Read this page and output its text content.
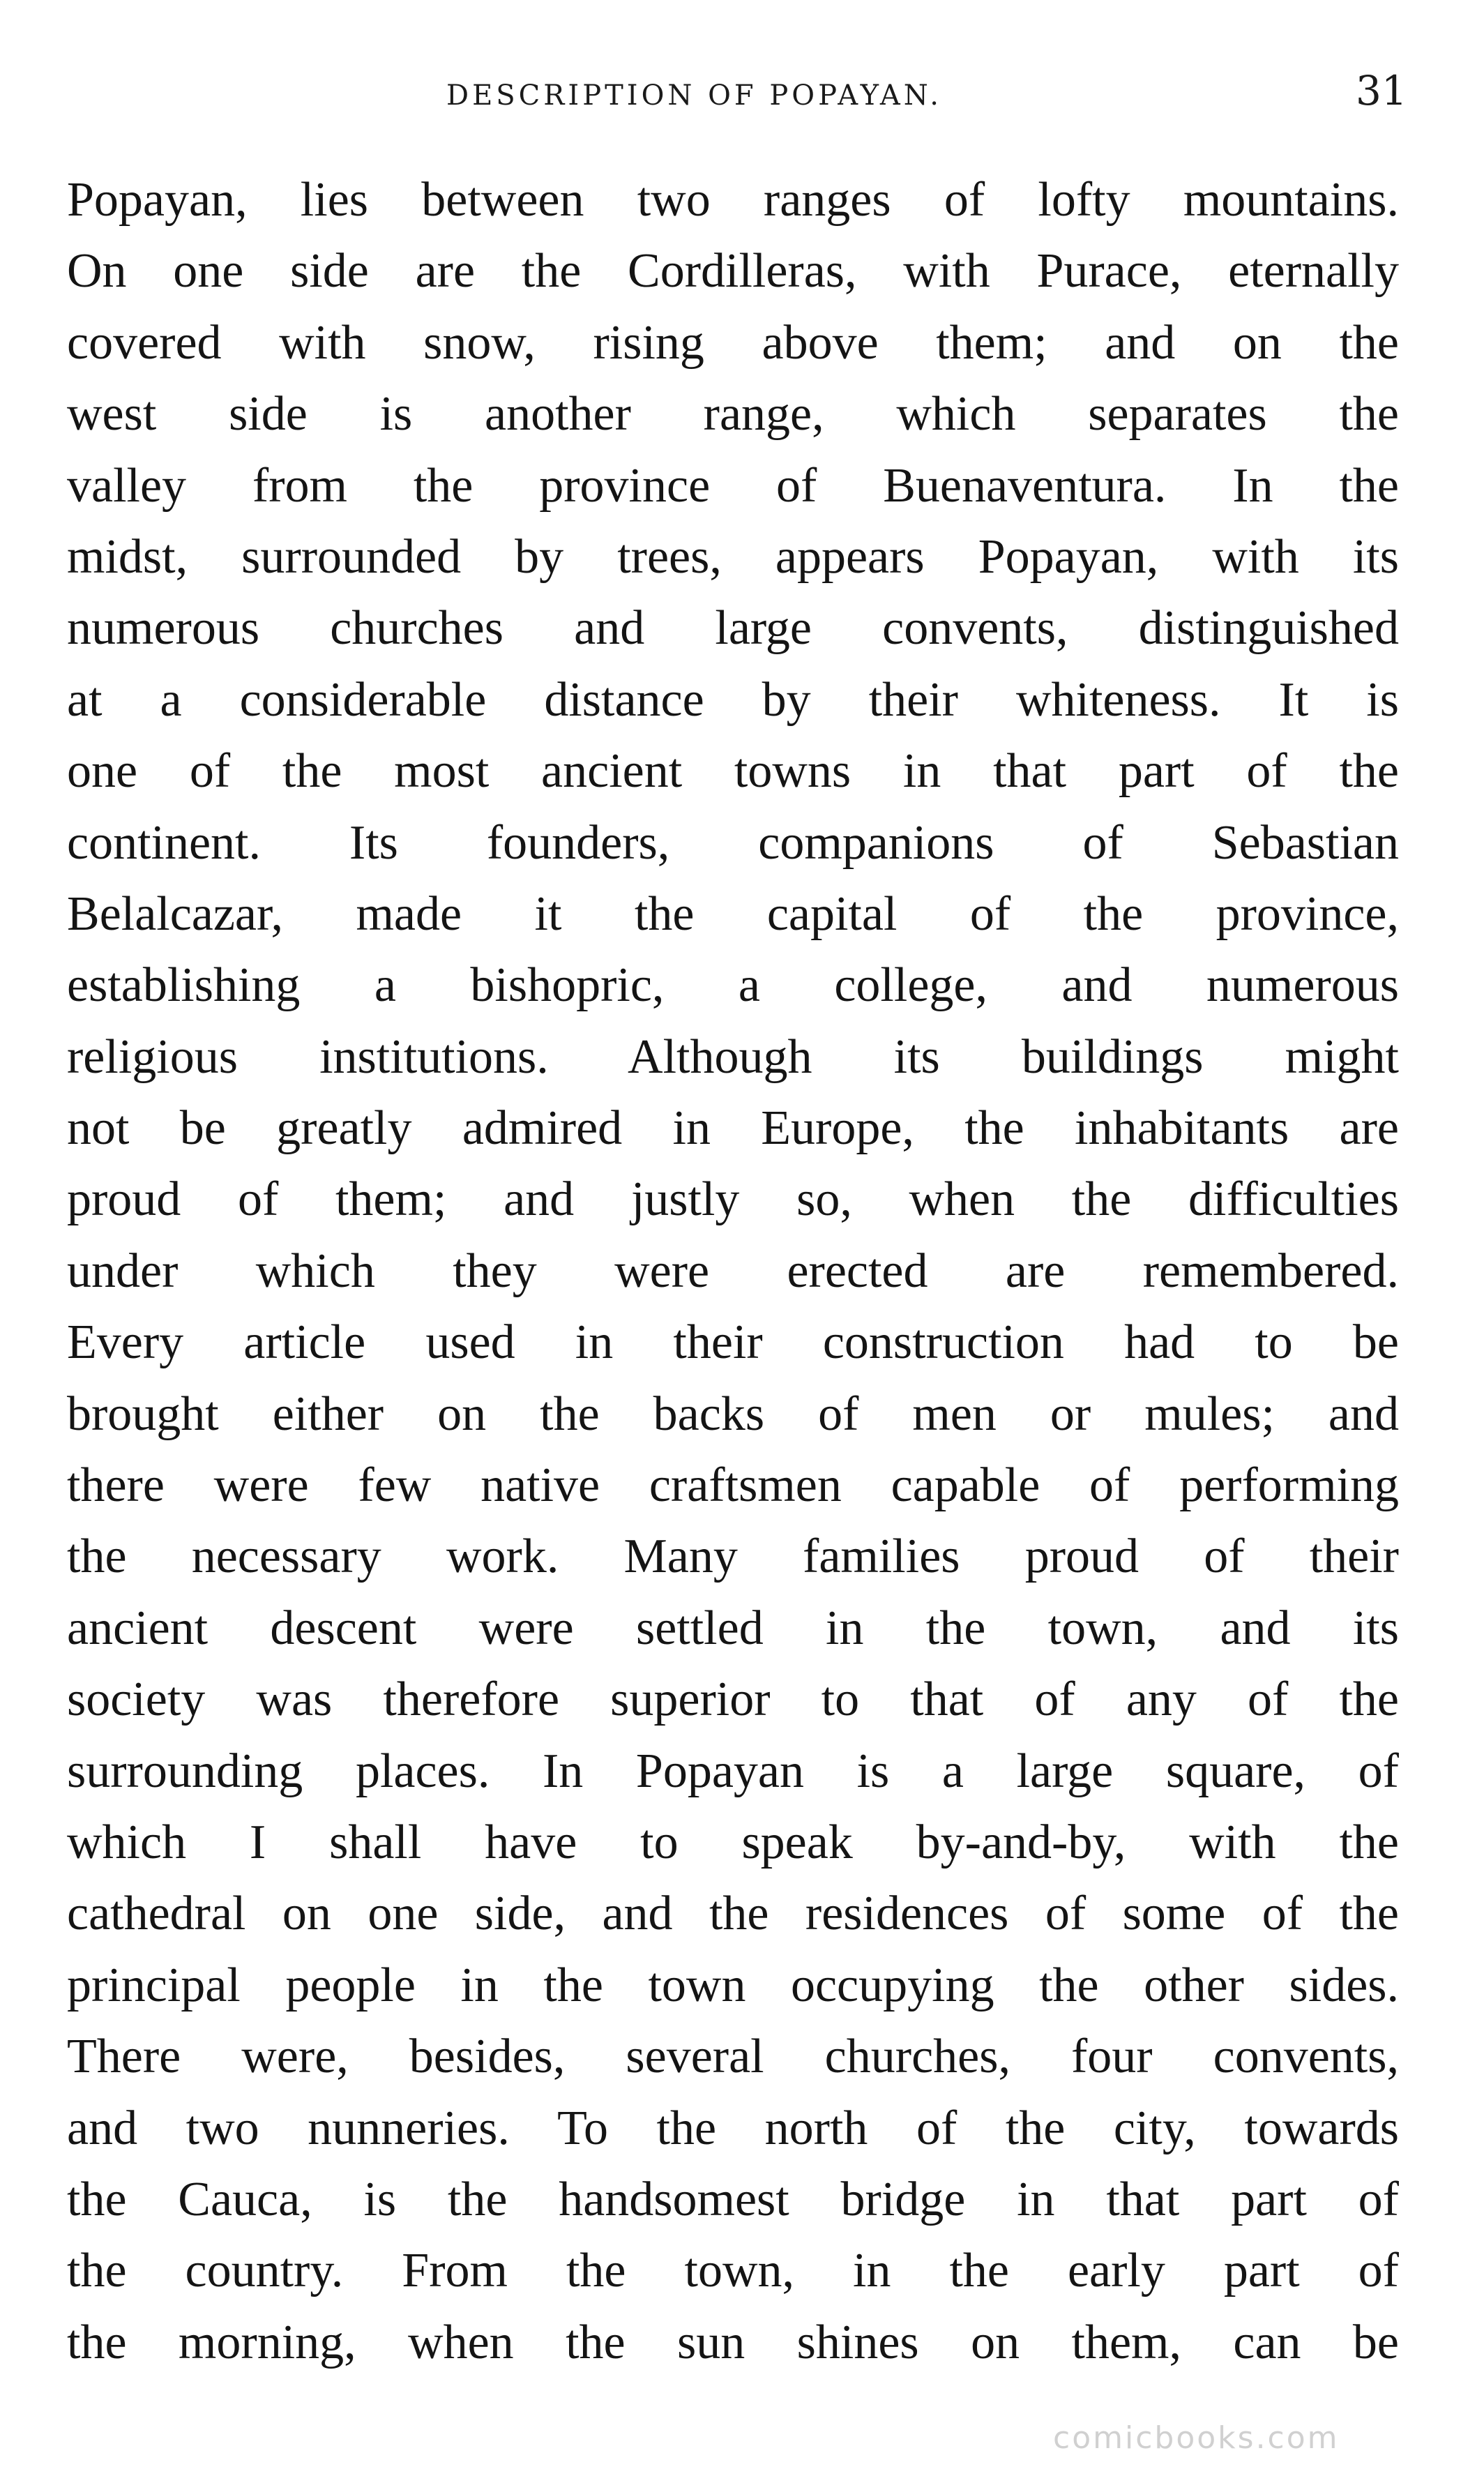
DESCRIPTION OF POPAYAN.	31
Popayan, lies between two ranges of lofty mountains.
On one side are the Cordilleras, with Purace, eternally
covered with snow, rising above them; and on the
west side is another range, which separates the
valley from the province of Buenaventura. In the
midst, surrounded by trees, appears Popayan, with its
numerous churches and large convents, distinguished
at a considerable distance by their whiteness. It is
one of the most ancient towns in that part of the
continent. Its founders, companions of Sebastian
Belalcazar, made it the capital of the province,
establishing a bishopric, a college, and numerous
religious institutions. Although its buildings might
not be greatly admired in Europe, the inhabitants are
proud of them; and justly so, when the difficulties
under which they were erected are remembered.
Every article used in their construction had to be
brought either on the backs of men or mules; and
there were few native craftsmen capable of performing
the necessary work. Many families proud of their
ancient descent were settled in the town, and its
society was therefore superior to that of any of the
surrounding places. In Popayan is a large square, of
which I shall have to speak by-and-by, with the
cathedral on one side, and the residences of some of the
principal people in the town occupying the other sides.
There were, besides, several churches, four convents,
and two nunneries. To the north of the city, towards
the Cauca, is the handsomest bridge in that part of
the country. From the town, in the early part of
the morning, when the sun shines on them, can be
comicbooks.com
